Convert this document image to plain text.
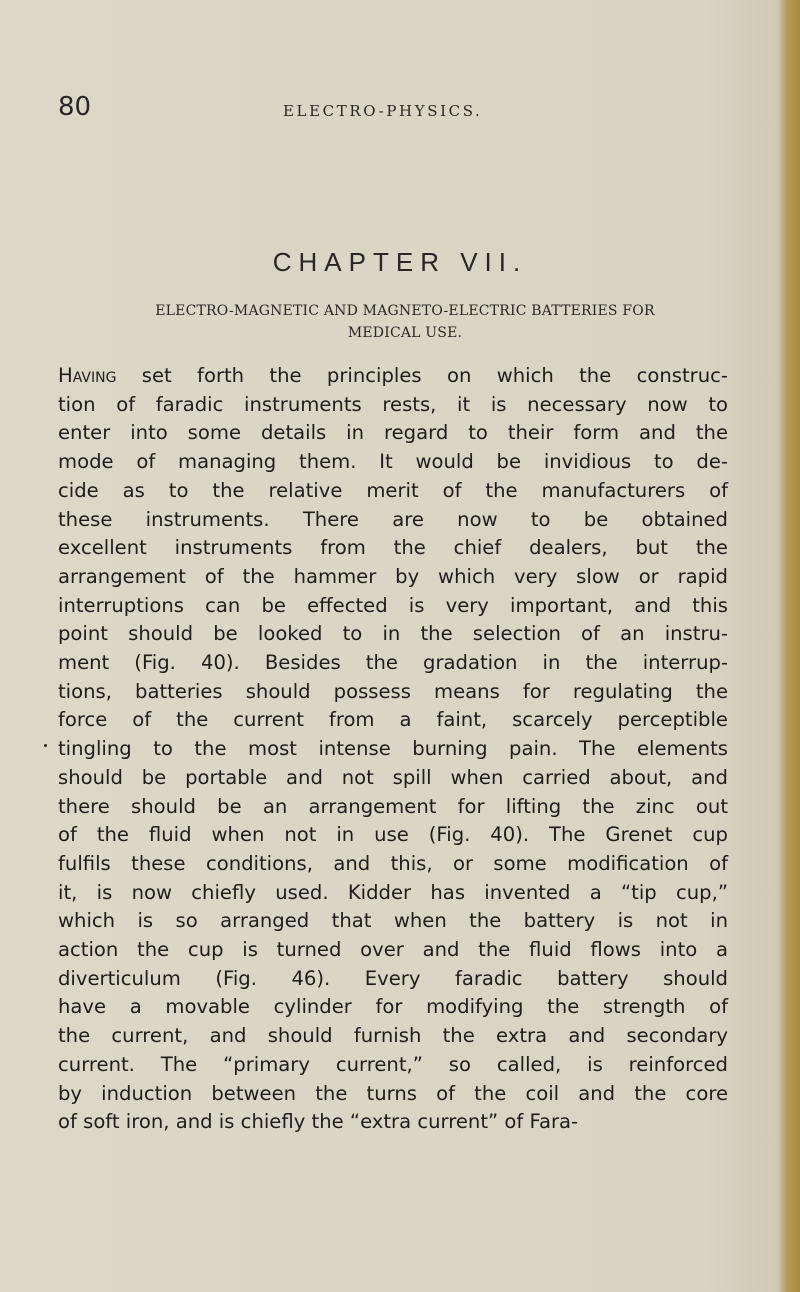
80	ELECTRO-PHYSICS.
CHAPTER VII.
ELECTRO-MAGNETIC AND MAGNETO-ELECTRIC BATTERIES FOR
MEDICAL USE.
Having set forth the principles on which the construc-
tion of faradic instruments rests, it is necessary now to
enter into some details in regard to their form and the
mode of managing them. It would be invidious to de-
cide as to the relative merit of the manufacturers of
these instruments. There are now to be obtained
excellent instruments from the chief dealers, but the
arrangement of the hammer by which very slow or rapid
interruptions can be effected is very important, and this
point should be looked to in the selection of an instru-
ment (Fig. 40). Besides the gradation in the interrup-
tions, batteries should possess means for regulating the
force of the current from a faint, scarcely perceptible
tingling to the most intense burning pain. The elements
should be portable and not spill when carried about, and
there should be an arrangement for lifting the zinc out
of the fluid when not in use (Fig. 40). The Grenet cup
fulfils these conditions, and this, or some modification of
it, is now chiefly used. Kidder has invented a “tip cup,”
which is so arranged that when the battery is not in
action the cup is turned over and the fluid flows into a
diverticulum (Fig. 46). Every faradic battery should
have a movable cylinder for modifying the strength of
the current, and should furnish the extra and secondary
current. The “primary current,” so called, is reinforced
by induction between the turns of the coil and the core
of soft iron, and is chiefly the “extra current” of Fara-
